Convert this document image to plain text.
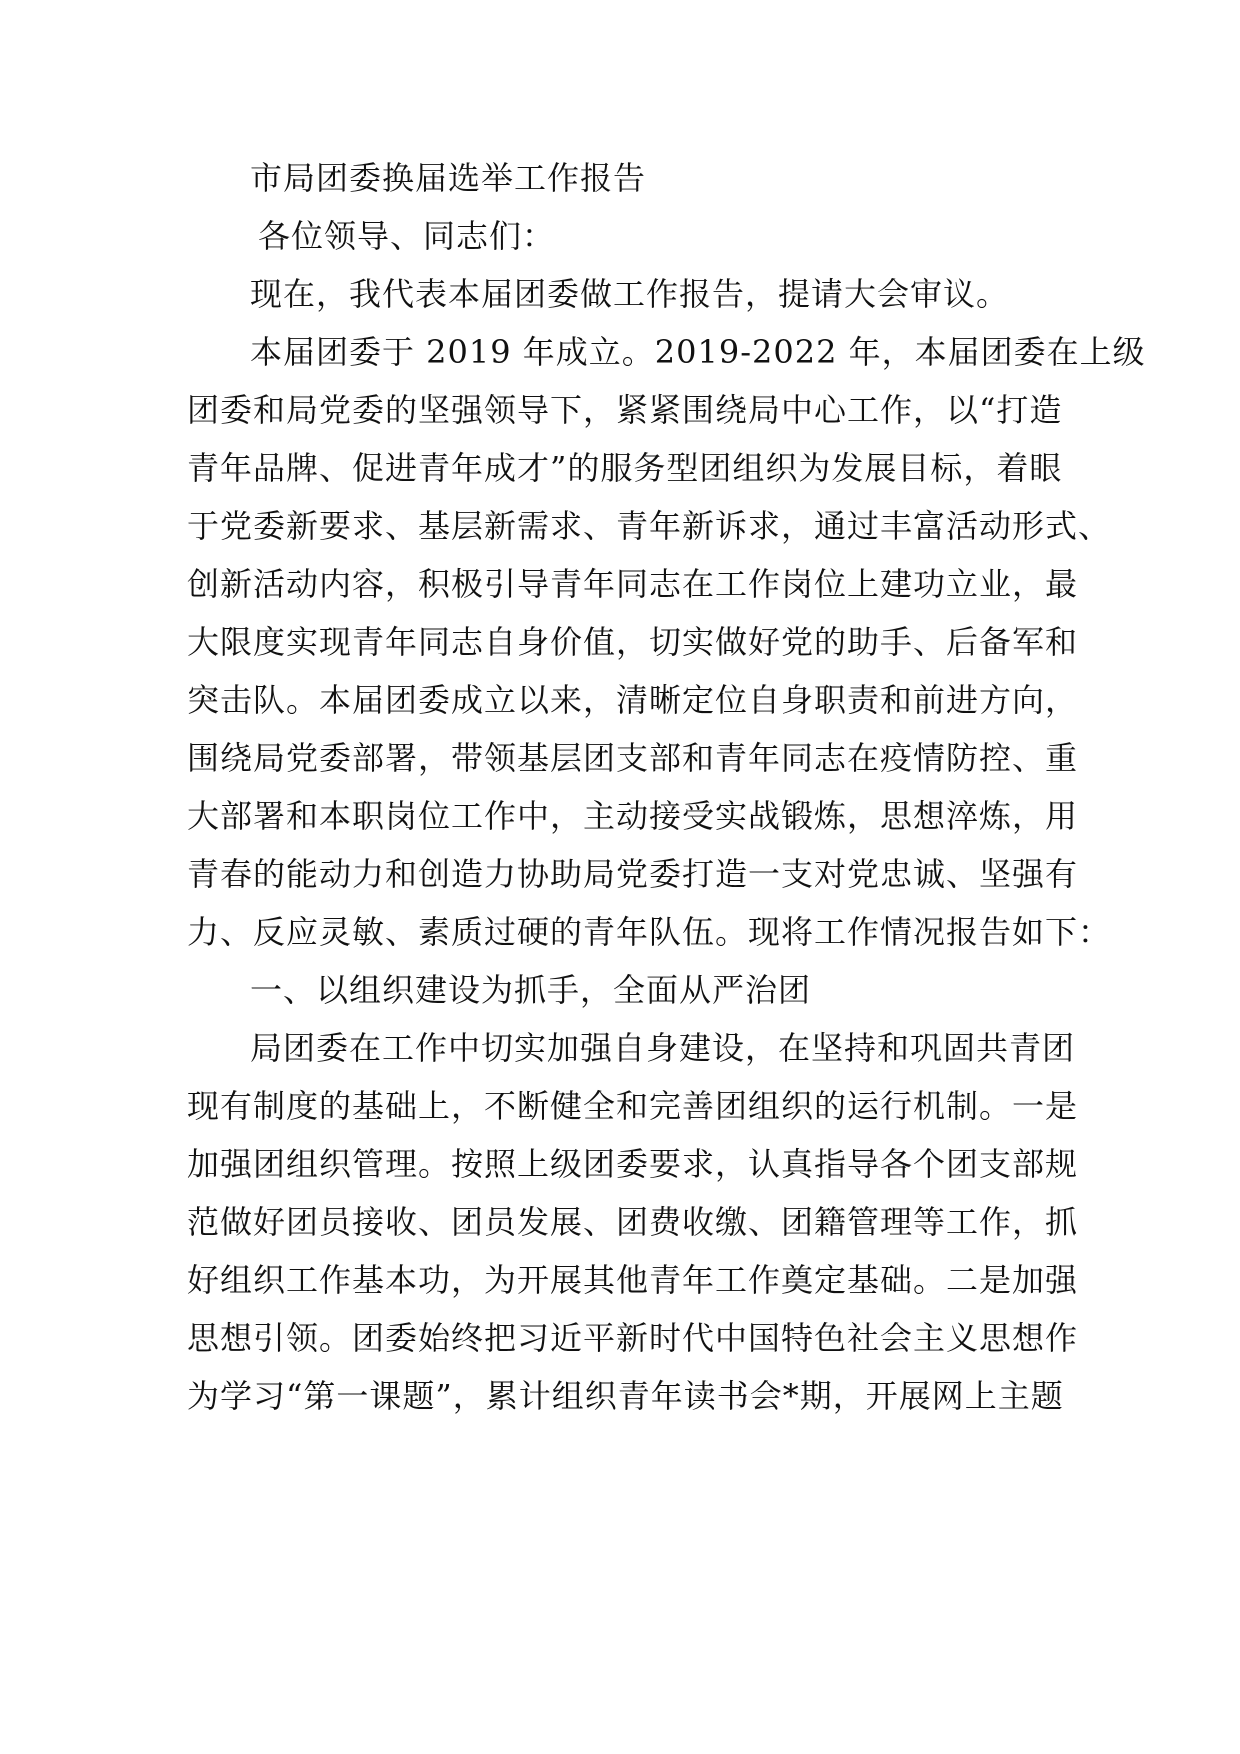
市局团委换届选举工作报告
各位领导、同志们：
现在，我代表本届团委做工作报告，提请大会审议。
本届团委于 2019 年成立。2019-2022 年，本届团委在上级
团委和局党委的坚强领导下，紧紧围绕局中心工作，以“打造
青年品牌、促进青年成才”的服务型团组织为发展目标，着眼
于党委新要求、基层新需求、青年新诉求，通过丰富活动形式、
创新活动内容，积极引导青年同志在工作岗位上建功立业，最
大限度实现青年同志自身价值，切实做好党的助手、后备军和
突击队。本届团委成立以来，清晰定位自身职责和前进方向，
围绕局党委部署，带领基层团支部和青年同志在疫情防控、重
大部署和本职岗位工作中，主动接受实战锻炼，思想淬炼，用
青春的能动力和创造力协助局党委打造一支对党忠诚、坚强有
力、反应灵敏、素质过硬的青年队伍。现将工作情况报告如下：
一、以组织建设为抓手，全面从严治团
局团委在工作中切实加强自身建设，在坚持和巩固共青团
现有制度的基础上，不断健全和完善团组织的运行机制。一是
加强团组织管理。按照上级团委要求，认真指导各个团支部规
范做好团员接收、团员发展、团费收缴、团籍管理等工作，抓
好组织工作基本功，为开展其他青年工作奠定基础。二是加强
思想引领。团委始终把习近平新时代中国特色社会主义思想作
为学习“第一课题”，累计组织青年读书会*期，开展网上主题
